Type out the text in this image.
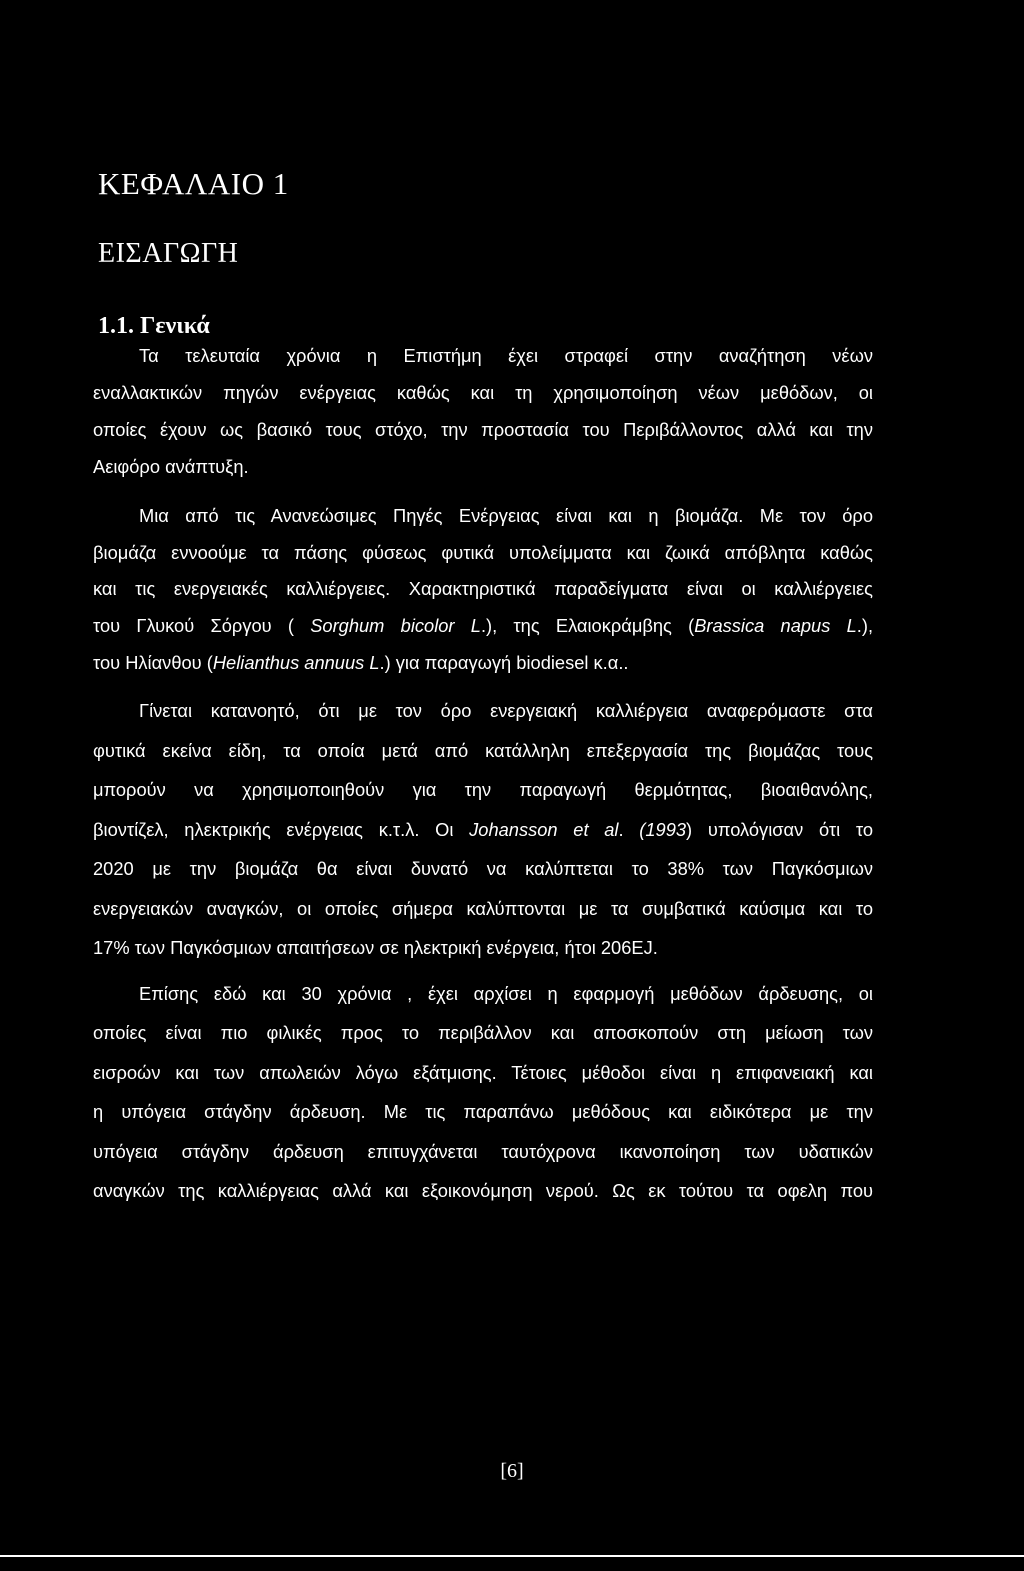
ΚΕΦΑΛΑΙΟ 1
ΕΙΣΑΓΩΓΗ
1.1. Γενικά
Τα τελευταία χρόνια η Επιστήμη έχει στραφεί στην αναζήτηση νέων
εναλλακτικών πηγών ενέργειας καθώς και τη χρησιμοποίηση νέων μεθόδων, οι
οποίες έχουν ως βασικό τους στόχο, την προστασία του Περιβάλλοντος αλλά και την
Αειφόρο ανάπτυξη.
Μια από τις Ανανεώσιμες Πηγές Ενέργειας είναι και η βιομάζα. Με τον όρο
βιομάζα εννοούμε τα πάσης φύσεως φυτικά υπολείμματα και ζωικά απόβλητα καθώς
και τις ενεργειακές καλλιέργειες. Χαρακτηριστικά παραδείγματα είναι οι καλλιέργειες
του Γλυκού Σόργου ( Sorghum bicolor L.), της Ελαιοκράμβης (Brassica napus L.),
του Ηλίανθου (Helianthus annuus L.) για παραγωγή biodiesel κ.α..
Γίνεται κατανοητό, ότι με τον όρο ενεργειακή καλλιέργεια αναφερόμαστε στα
φυτικά εκείνα είδη, τα οποία μετά από κατάλληλη επεξεργασία της βιομάζας τους
μπορούν να χρησιμοποιηθούν για την παραγωγή θερμότητας, βιοαιθανόλης,
βιοντίζελ, ηλεκτρικής ενέργειας κ.τ.λ. Οι Johansson et al. (1993) υπολόγισαν ότι το
2020 με την βιομάζα θα είναι δυνατό να καλύπτεται το 38% των Παγκόσμιων
ενεργειακών αναγκών, οι οποίες σήμερα καλύπτονται με τα συμβατικά καύσιμα και το
17% των Παγκόσμιων απαιτήσεων σε ηλεκτρική ενέργεια, ήτοι 206EJ.
Επίσης εδώ και 30 χρόνια , έχει αρχίσει η εφαρμογή μεθόδων άρδευσης, οι
οποίες είναι πιο φιλικές προς το περιβάλλον και αποσκοπούν στη μείωση των
εισροών και των απωλειών λόγω εξάτμισης. Τέτοιες μέθοδοι είναι η επιφανειακή και
η υπόγεια στάγδην άρδευση. Με τις παραπάνω μεθόδους και ειδικότερα με την
υπόγεια στάγδην άρδευση επιτυγχάνεται ταυτόχρονα ικανοποίηση των υδατικών
αναγκών της καλλιέργειας αλλά και εξοικονόμηση νερού. Ως εκ τούτου τα οφελη που
[6]
